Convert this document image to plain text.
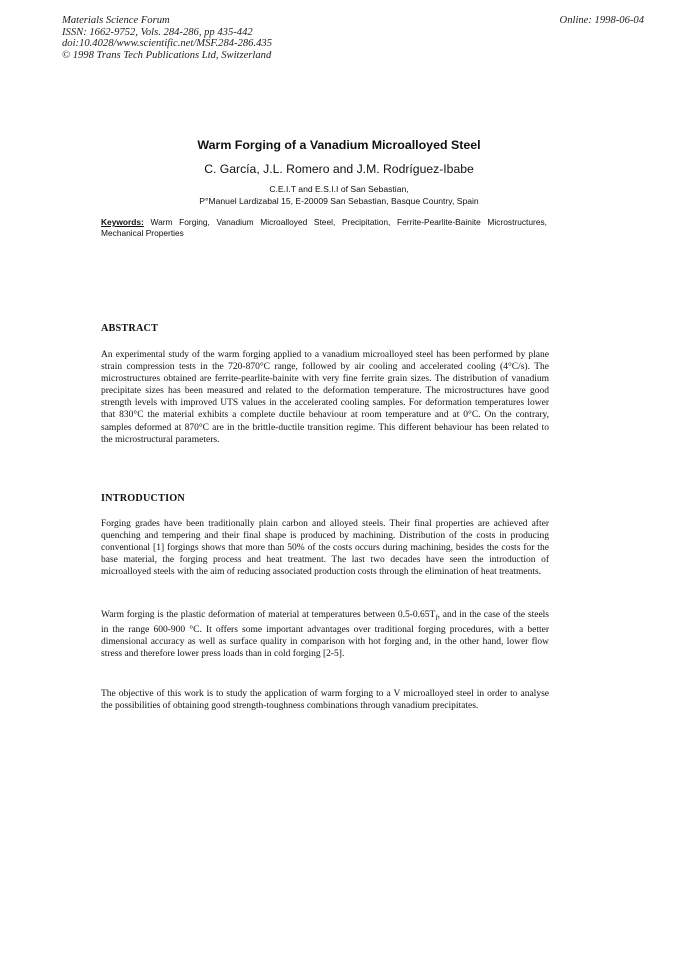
Materials Science Forum
ISSN: 1662-9752, Vols. 284-286, pp 435-442
doi:10.4028/www.scientific.net/MSF.284-286.435
© 1998 Trans Tech Publications Ltd, Switzerland
Online: 1998-06-04
Warm Forging of a Vanadium Microalloyed Steel
C. García, J.L. Romero and J.M. Rodríguez-Ibabe
C.E.I.T and E.S.I.I of San Sebastian,
P°Manuel Lardizabal 15, E-20009 San Sebastian, Basque Country, Spain
Keywords: Warm Forging, Vanadium Microalloyed Steel, Precipitation, Ferrite-Pearlite-Bainite Microstructures, Mechanical Properties
ABSTRACT

An experimental study of the warm forging applied to a vanadium microalloyed steel has been performed by plane strain compression tests in the 720-870°C range, followed by air cooling and accelerated cooling (4°C/s). The microstructures obtained are ferrite-pearlite-bainite with very fine ferrite grain sizes. The distribution of vanadium precipitate sizes has been measured and related to the deformation temperature. The microstructures have good strength levels with improved UTS values in the accelerated cooling samples. For deformation temperatures lower that 830°C the material exhibits a complete ductile behaviour at room temperature and at 0°C. On the contrary, samples deformed at 870°C are in the brittle-ductile transition regime. This different behaviour has been related to the microstructural parameters.

INTRODUCTION

Forging grades have been traditionally plain carbon and alloyed steels. Their final properties are achieved after quenching and tempering and their final shape is produced by machining. Distribution of the costs in producing conventional [1] forgings shows that more than 50% of the costs occurs during machining, besides the costs for the base material, the forging process and heat treatment. The last two decades have seen the introduction of microalloyed steels with the aim of reducing associated production costs through the elimination of heat treatments.

Warm forging is the plastic deformation of material at temperatures between $0.5-0.65T_f$, and in the case of the steels in the range 600-900 °C. It offers some important advantages over traditional forging procedures, with a better dimensional accuracy as well as surface quality in comparison with hot forging and, in the other hand, lower flow stress and therefore lower press loads than in cold forging [2-5].

The objective of this work is to study the application of warm forging to a V microalloyed steel in order to analyse the possibilities of obtaining good strength-toughness combinations through vanadium precipitates.
